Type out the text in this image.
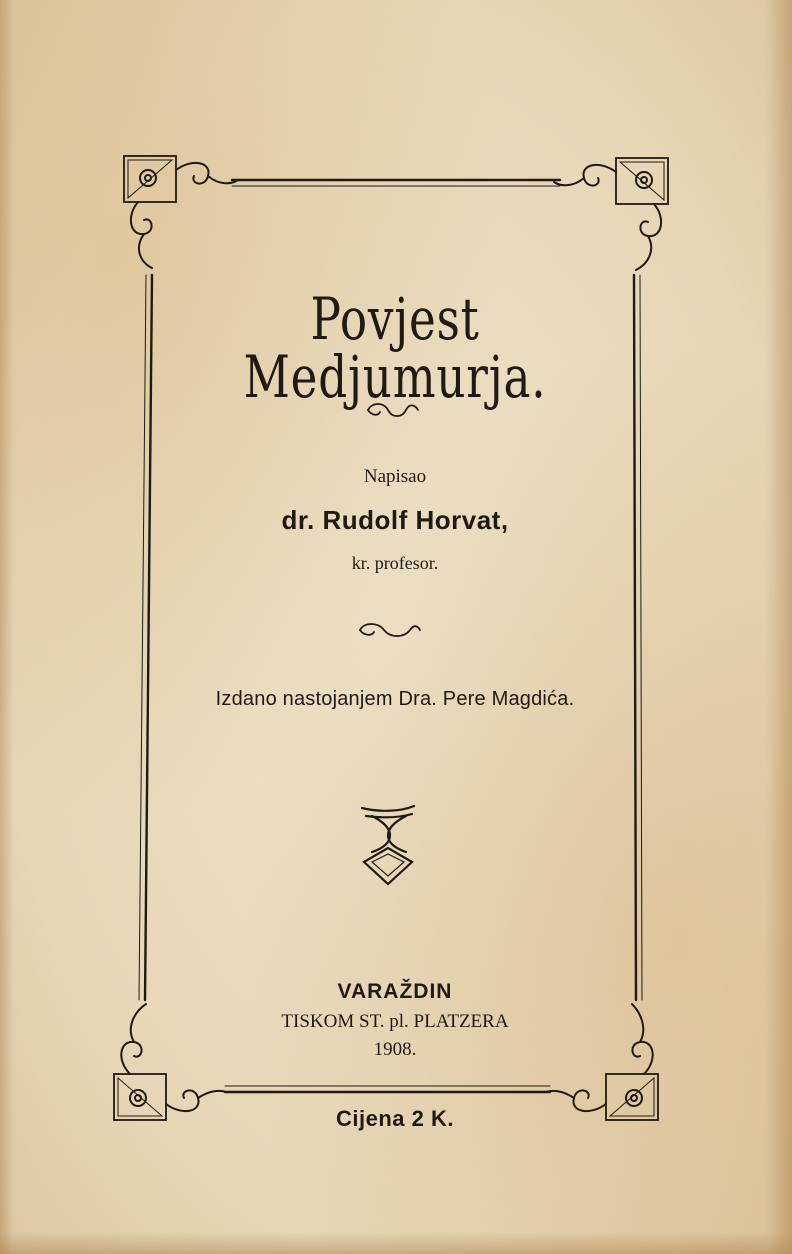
Povjest Medjumurja.
Napisao
dr. Rudolf Horvat,
kr. profesor.
Izdano nastojanjem Dra. Pere Magdića.
VARAŽDIN
TISKOM ST. pl. PLATZERA
1908.
Cijena 2 K.
